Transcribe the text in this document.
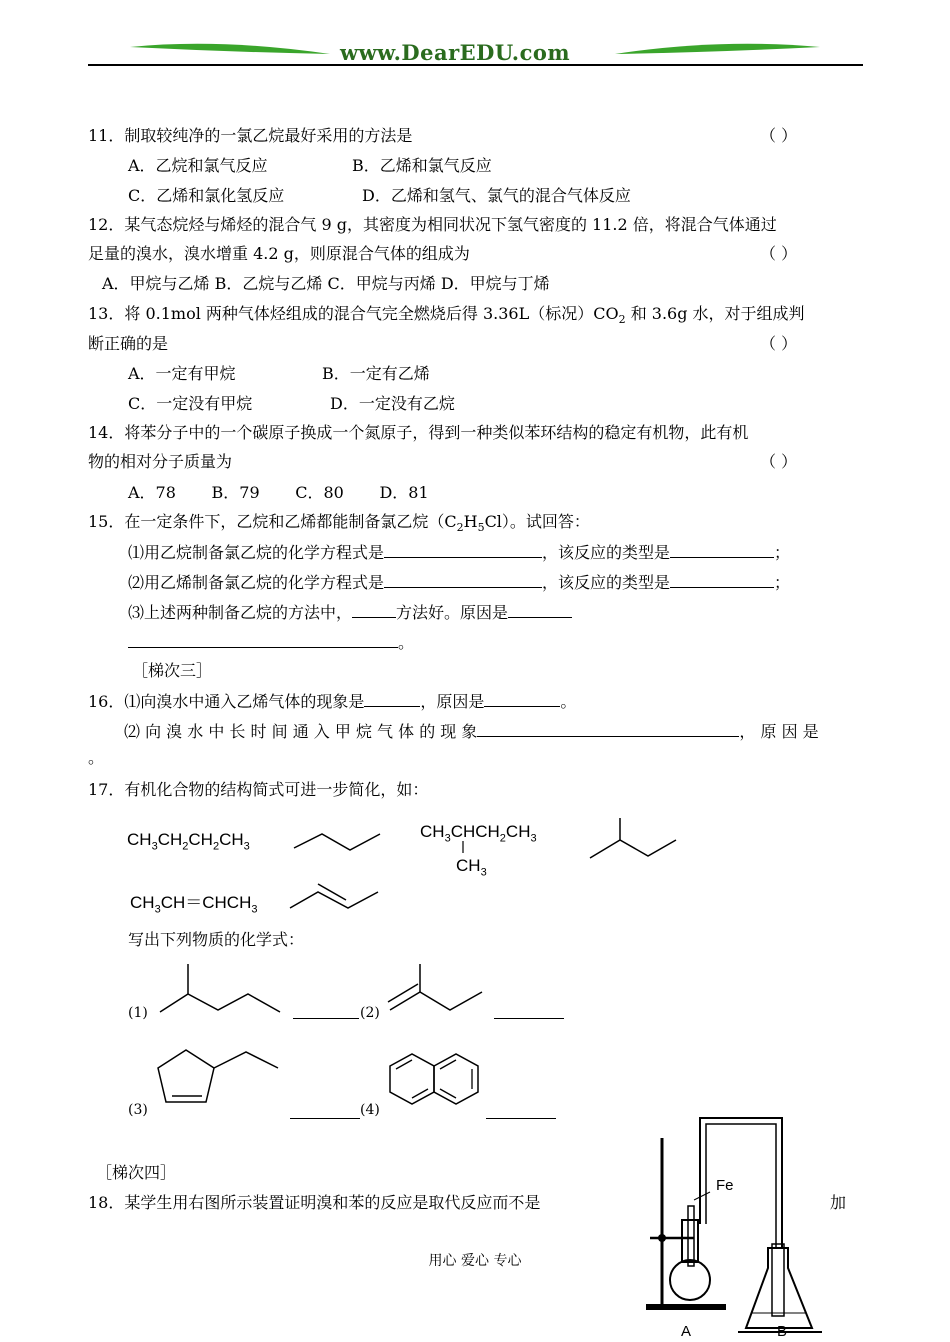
www.DearEDU.com
11．制取较纯净的一氯乙烷最好采用的方法是	（ ）
A．乙烷和氯气反应	B．乙烯和氯气反应
C．乙烯和氯化氢反应	D．乙烯和氢气、氯气的混合气体反应
12．某气态烷烃与烯烃的混合气 9 g，其密度为相同状况下氢气密度的 11.2 倍，将混合气体通过
足量的溴水，溴水增重 4.2 g，则原混合气体的组成为	（ ）
A．甲烷与乙烯 B．乙烷与乙烯 C．甲烷与丙烯 D．甲烷与丁烯
13．将 0.1mol 两种气体烃组成的混合气完全燃烧后得 3.36L（标况）$CO_2$ 和 3.6g 水，对于组成判
断正确的是	（ ）
A．一定有甲烷	B．一定有乙烯
C．一定没有甲烷	D．一定没有乙烷
14．将苯分子中的一个碳原子换成一个氮原子，得到一种类似苯环结构的稳定有机物，此有机
物的相对分子质量为	（ ）
A．78       B．79       C．80       D．81
15．在一定条件下，乙烷和乙烯都能制备氯乙烷$(C_2H_5Cl)$。试回答：
⑴用乙烷制备氯乙烷的化学方程式是	，该反应的类型是	；
⑵用乙烯制备氯乙烷的化学方程式是	，该反应的类型是	；
⑶上述两种制备乙烷的方法中，	方法好。原因是
。
［梯次三］
16．⑴向溴水中通入乙烯气体的现象是	，原因是	。
⑵ 向 溴 水 中 长 时 间 通 入 甲 烷 气 体 的 现 象	， 原 因 是
。
17．有机化合物的结构简式可进一步简化，如：
$CH_3CH_2CH_2CH_3$
$CH_3CHCH_2CH_3$
$CH_3$
$CH_3CH=CHCH_3$
写出下列物质的化学式：
(1)	(2)
(3)	(4)
［梯次四］
18．某学生用右图所示装置证明溴和苯的反应是取代反应而不是	加
Fe
A	B
用心 爱心 专心
